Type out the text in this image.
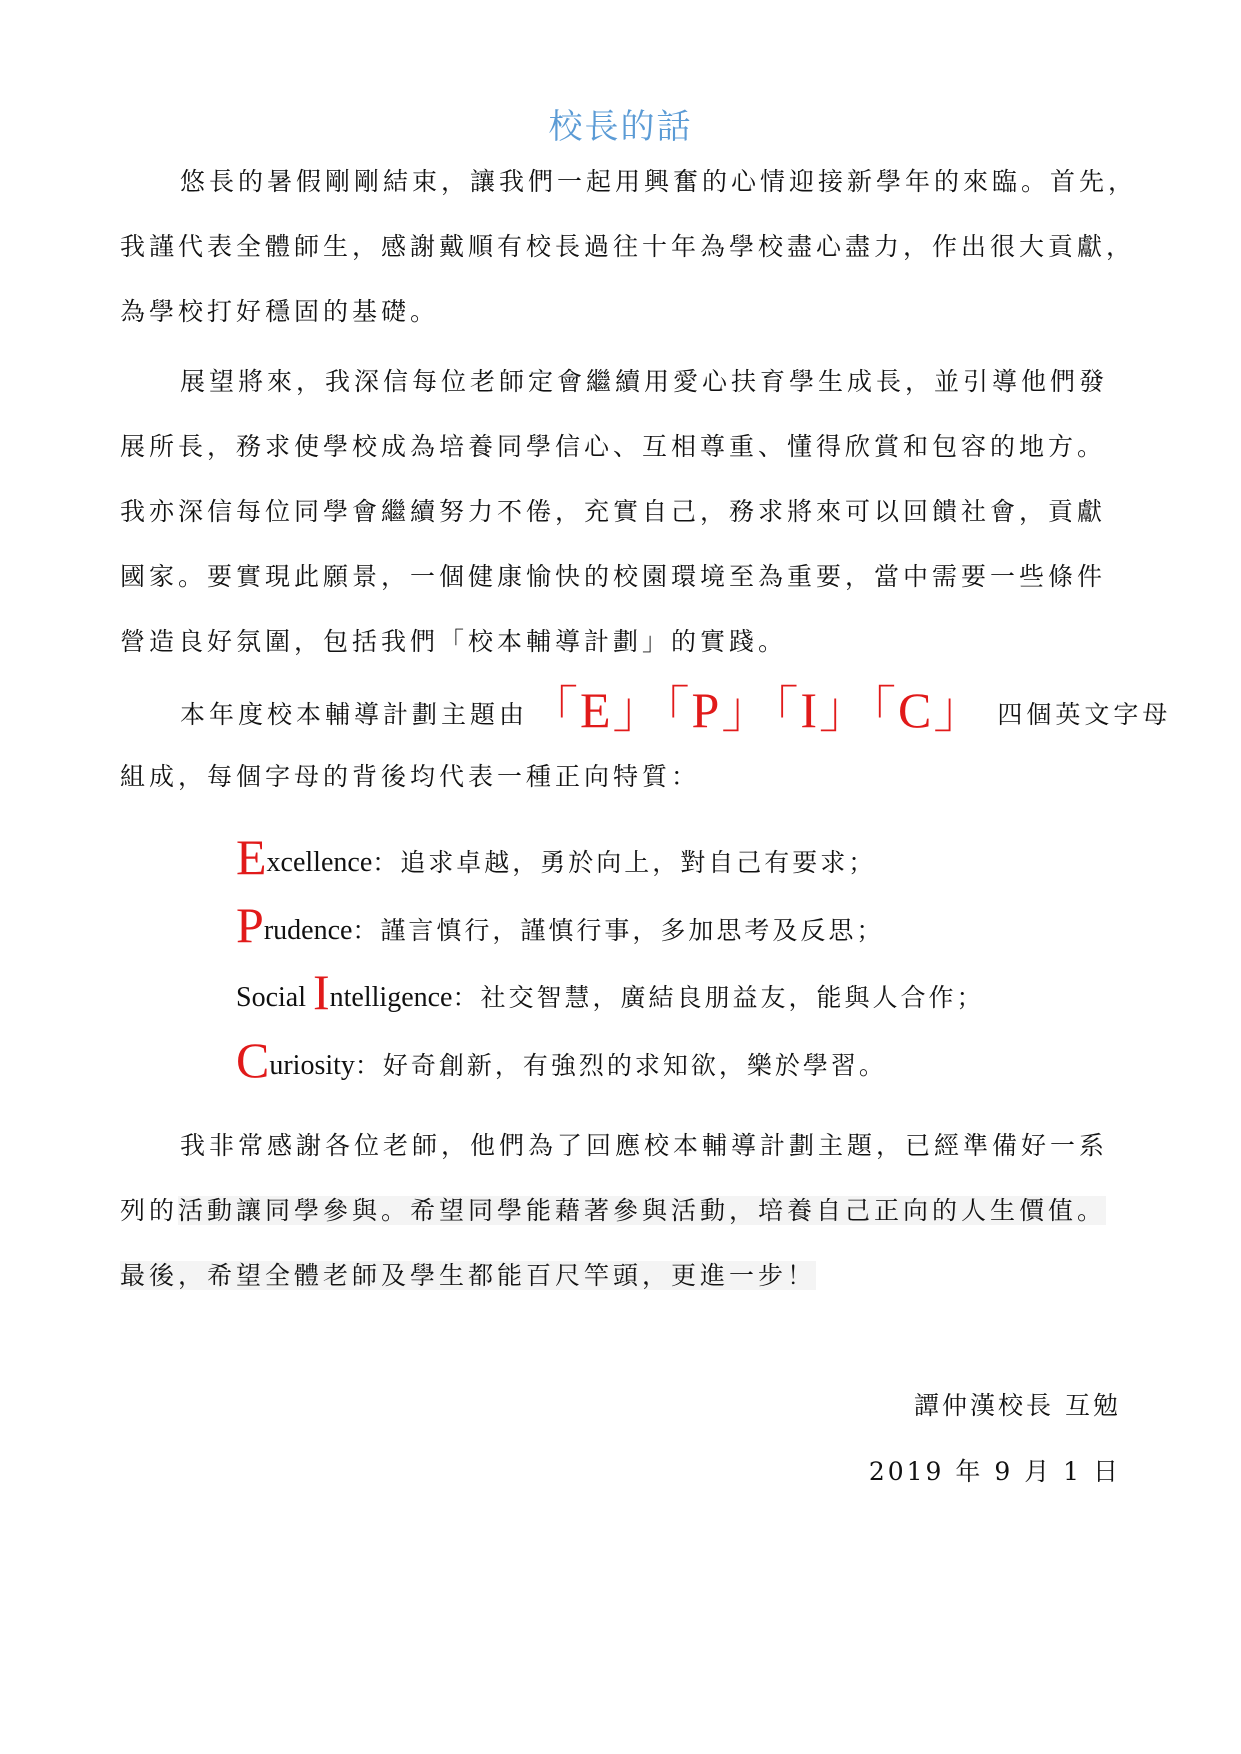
校長的話
悠長的暑假剛剛結束，讓我們一起用興奮的心情迎接新學年的來臨。首先，
我謹代表全體師生，感謝戴順有校長過往十年為學校盡心盡力，作出很大貢獻，
為學校打好穩固的基礎。
展望將來，我深信每位老師定會繼續用愛心扶育學生成長，並引導他們發
展所長，務求使學校成為培養同學信心、互相尊重、懂得欣賞和包容的地方。
我亦深信每位同學會繼續努力不倦，充實自己，務求將來可以回饋社會，貢獻
國家。要實現此願景，一個健康愉快的校園環境至為重要，當中需要一些條件
營造良好氛圍，包括我們「校本輔導計劃」的實踐。
本年度校本輔導計劃主題由「E」「P」「I」「C」 四個英文字母
組成，每個字母的背後均代表一種正向特質：
Excellence：追求卓越，勇於向上，對自己有要求；
Prudence：謹言慎行，謹慎行事，多加思考及反思；
Social Intelligence：社交智慧，廣結良朋益友，能與人合作；
Curiosity：好奇創新，有強烈的求知欲，樂於學習。
我非常感謝各位老師，他們為了回應校本輔導計劃主題，已經準備好一系
列的活動讓同學參與。希望同學能藉著參與活動，培養自己正向的人生價值。
最後，希望全體老師及學生都能百尺竿頭，更進一步！
譚仲漢校長 互勉
2019 年 9 月 1 日
